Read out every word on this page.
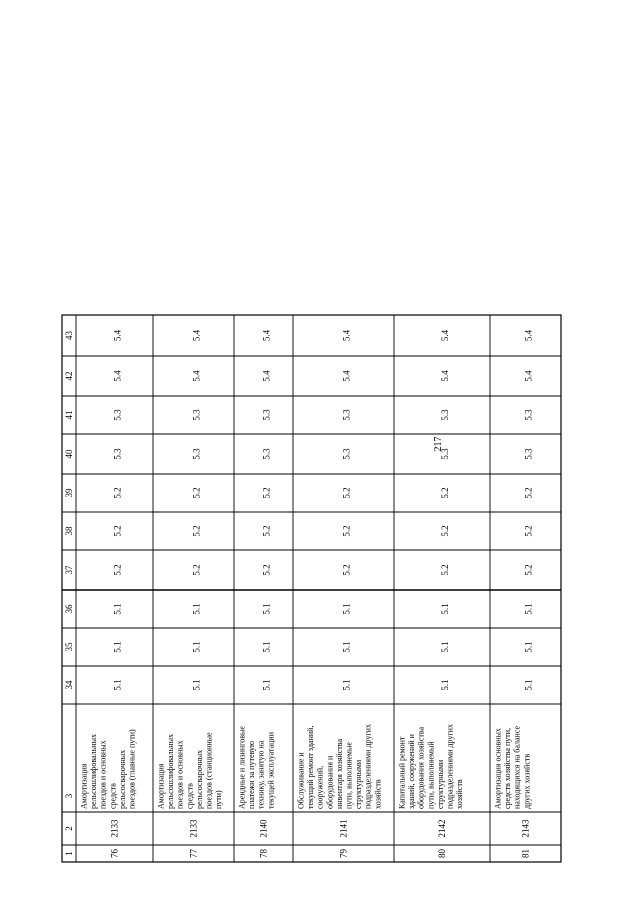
217
1
2
3
34
35
36
37
38
39
40
41
42
43
76
2133
Амортизация рельсошлифовальных поездов и основных средств рельсосварочных поездов (главные пути)
5.1
5.1
5.1
5.2
5.2
5.2
5.3
5.3
5.4
5.4
77
2133
Амортизация рельсошлифовальных поездов и основных средств рельсосварочных поездов (станционные пути)
5.1
5.1
5.1
5.2
5.2
5.2
5.3
5.3
5.4
5.4
78
2140
Арендные и лизинговые платежи за путевую технику, занятую на текущей эксплуатации
5.1
5.1
5.1
5.2
5.2
5.2
5.3
5.3
5.4
5.4
79
2141
Обслуживание и текущий ремонт зданий, сооружений, оборудования и инвентаря хозяйства пути, выполняемые структурными подразделениями других хозяйств
5.1
5.1
5.1
5.2
5.2
5.2
5.3
5.3
5.4
5.4
80
2142
Капитальный ремонт зданий, сооружений и оборудования хозяйства пути, выполняемый структурными подразделениями других хозяйств
5.1
5.1
5.1
5.2
5.2
5.2
5.3
5.3
5.4
5.4
81
2143
Амортизация основных средств хозяйства пути, находящихся на балансе других хозяйств
5.1
5.1
5.1
5.2
5.2
5.2
5.3
5.3
5.4
5.4
